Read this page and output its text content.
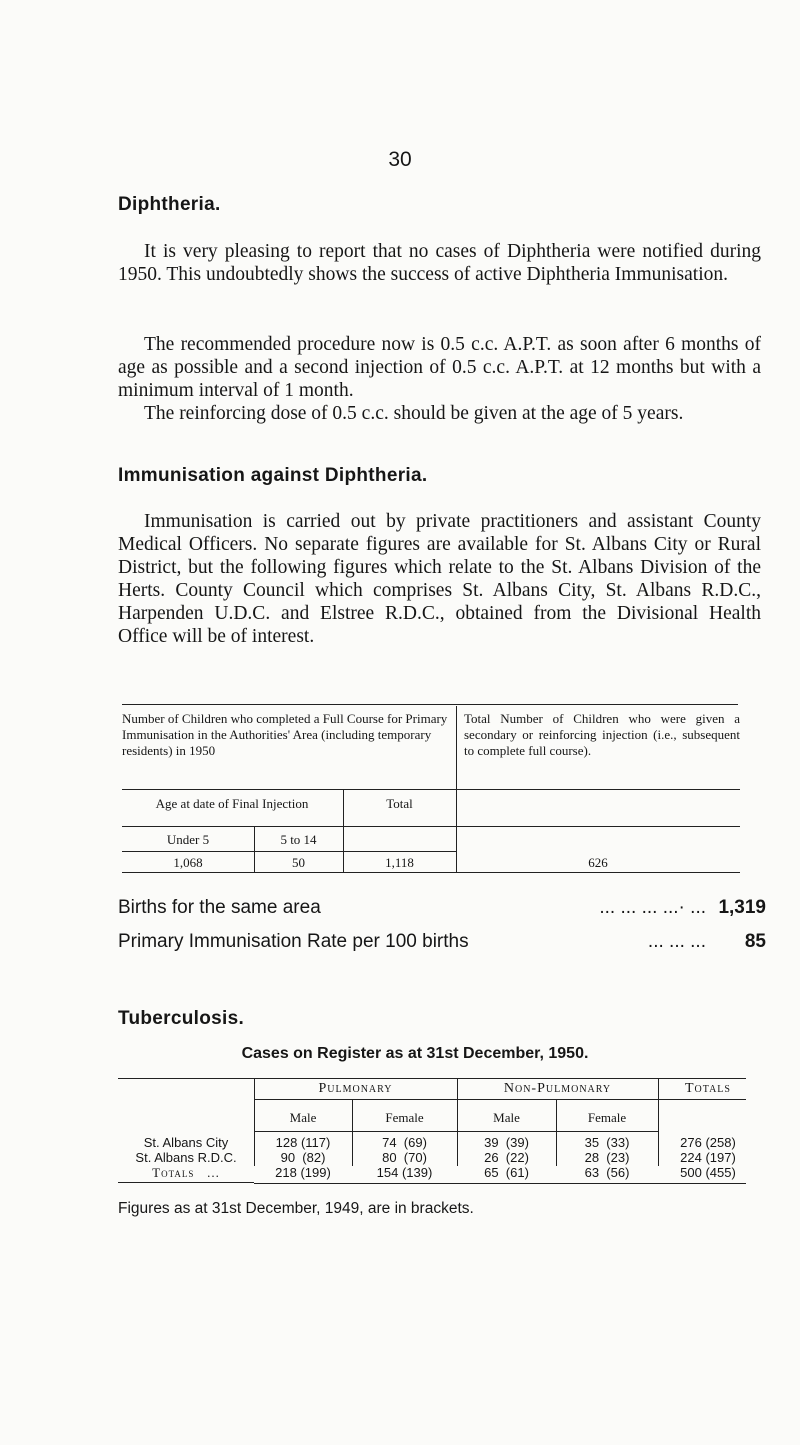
30
Diphtheria.

It is very pleasing to report that no cases of Diphtheria were notified during 1950. This undoubtedly shows the success of active Diphtheria Immunisation.

The recommended procedure now is 0.5 c.c. A.P.T. as soon after 6 months of age as possible and a second injection of 0.5 c.c. A.P.T. at 12 months but with a minimum interval of 1 month.

The reinforcing dose of 0.5 c.c. should be given at the age of 5 years.

Immunisation against Diphtheria.

Immunisation is carried out by private practitioners and assistant County Medical Officers. No separate figures are available for St. Albans City or Rural District, but the following figures which relate to the St. Albans Division of the Herts. County Council which comprises St. Albans City, St. Albans R.D.C., Harpenden U.D.C. and Elstree R.D.C., obtained from the Divisional Health Office will be of interest.

Number of Children who completed a Full Course for Primary Immunisation in the Authorities' Area (including temporary residents) in 1950
Total Number of Children who were given a secondary or reinforcing injection (i.e., subsequent to complete full course).
Age at date of Final Injection	Total
Under 5	5 to 14
1,068	50	1,118	626
Births for the same area	... ... ... ...· ... 1,319
Primary Immunisation Rate per 100 births	... ... ...	85
Tuberculosis.
Cases on Register as at 31st December, 1950.
Pulmonary	Non-Pulmonary	Totals
Male	Female	Male	Female
St. Albans City	128 (117)	74  (69)	39  (39)	35  (33)	276 (258)
St. Albans R.D.C.	90  (82)	80  (70)	26  (22)	28  (23)	224 (197)
Totals   ...	218 (199)	154 (139)	65  (61)	63  (56)	500 (455)
Figures as at 31st December, 1949, are in brackets.
